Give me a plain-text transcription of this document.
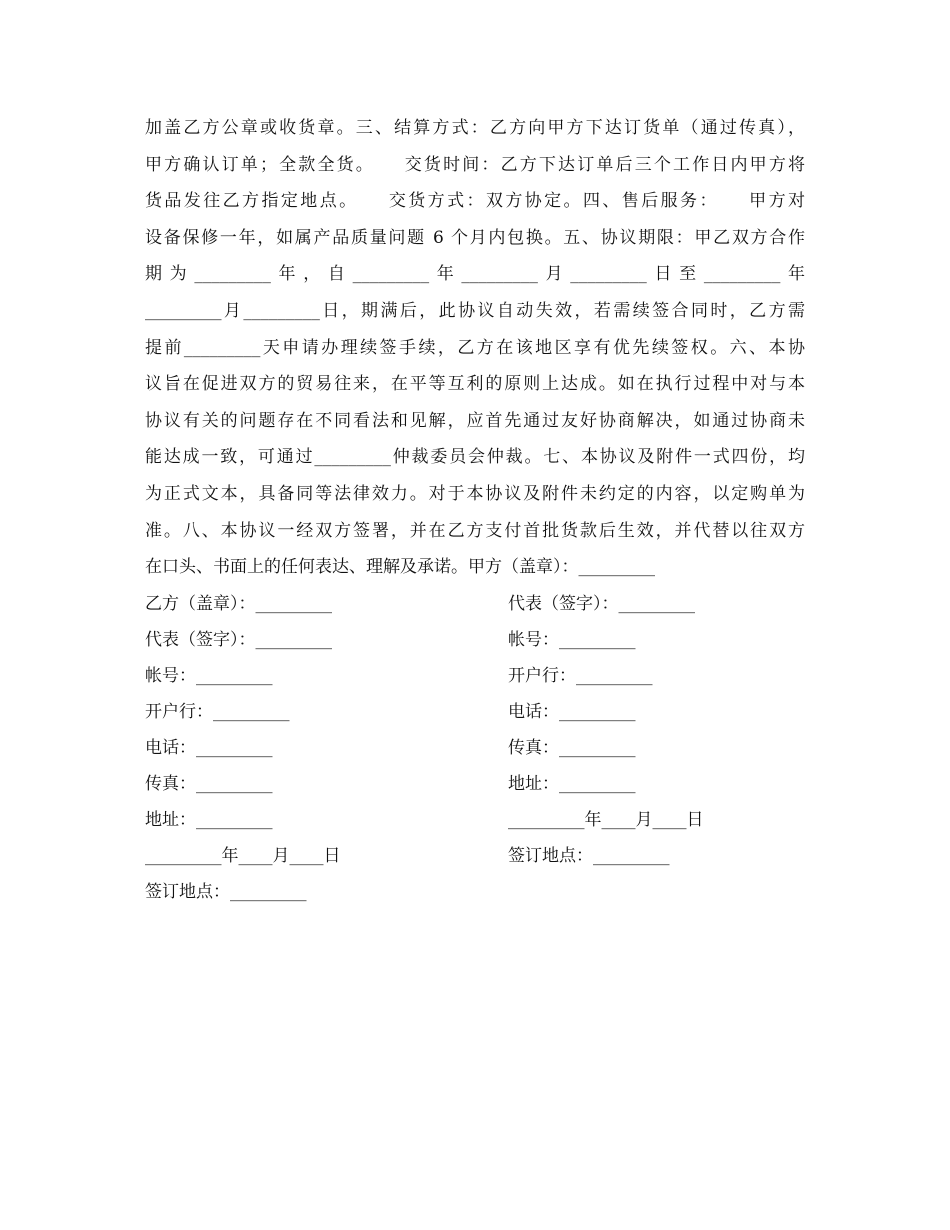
加盖乙方公章或收货章。三、结算方式：乙方向甲方下达订货单（通过传真），
甲方确认订单；全款全货。　　交货时间：乙方下达订单后三个工作日内甲方将
货品发往乙方指定地点。　　交货方式：双方协定。四、售后服务：　　甲方对
设备保修一年，如属产品质量问题 6 个月内包换。五、协议期限：甲乙双方合作
期为_________年，自_________年_________月_________日至_________年
_________月_________日，期满后，此协议自动失效，若需续签合同时，乙方需
提前_________天申请办理续签手续，乙方在该地区享有优先续签权。六、本协
议旨在促进双方的贸易往来，在平等互利的原则上达成。如在执行过程中对与本
协议有关的问题存在不同看法和见解，应首先通过友好协商解决，如通过协商未
能达成一致，可通过_________仲裁委员会仲裁。七、本协议及附件一式四份，均
为正式文本，具备同等法律效力。对于本协议及附件未约定的内容，以定购单为
准。八、本协议一经双方签署，并在乙方支付首批货款后生效，并代替以往双方
在口头、书面上的任何表达、理解及承诺。甲方（盖章）：_________

乙方（盖章）：_________

代表（签字）：_________

帐号：_________

开户行：_________

电话：_________

传真：_________

地址：_________

_________年____月____日

签订地点：_________

代表（签字）：_________

帐号：_________

开户行：_________

电话：_________

传真：_________

地址：_________

_________年____月____日

签订地点：_________
